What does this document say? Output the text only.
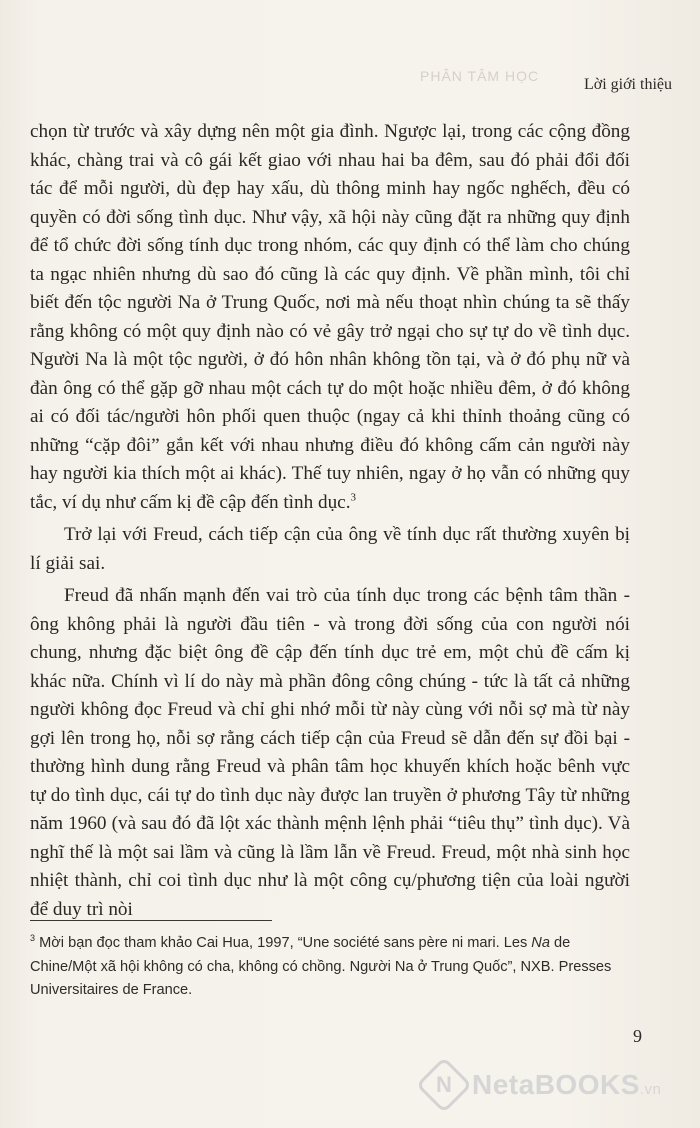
PHÂN TÂM HỌC	Lời giới thiệu

chọn từ trước và xây dựng nên một gia đình. Ngược lại, trong các cộng đồng khác, chàng trai và cô gái kết giao với nhau hai ba đêm, sau đó phải đổi đối tác để mỗi người, dù đẹp hay xấu, dù thông minh hay ngốc nghếch, đều có quyền có đời sống tình dục. Như vậy, xã hội này cũng đặt ra những quy định để tổ chức đời sống tính dục trong nhóm, các quy định có thể làm cho chúng ta ngạc nhiên nhưng dù sao đó cũng là các quy định. Về phần mình, tôi chỉ biết đến tộc người Na ở Trung Quốc, nơi mà nếu thoạt nhìn chúng ta sẽ thấy rằng không có một quy định nào có vẻ gây trở ngại cho sự tự do về tình dục. Người Na là một tộc người, ở đó hôn nhân không tồn tại, và ở đó phụ nữ và đàn ông có thể gặp gỡ nhau một cách tự do một hoặc nhiều đêm, ở đó không ai có đối tác/người hôn phối quen thuộc (ngay cả khi thỉnh thoảng cũng có những “cặp đôi” gắn kết với nhau nhưng điều đó không cấm cản người này hay người kia thích một ai khác). Thế tuy nhiên, ngay ở họ vẫn có những quy tắc, ví dụ như cấm kị đề cập đến tình dục.$^3$

Trở lại với Freud, cách tiếp cận của ông về tính dục rất thường xuyên bị lí giải sai.

Freud đã nhấn mạnh đến vai trò của tính dục trong các bệnh tâm thần - ông không phải là người đầu tiên - và trong đời sống của con người nói chung, nhưng đặc biệt ông đề cập đến tính dục trẻ em, một chủ đề cấm kị khác nữa. Chính vì lí do này mà phần đông công chúng - tức là tất cả những người không đọc Freud và chỉ ghi nhớ mỗi từ này cùng với nỗi sợ mà từ này gợi lên trong họ, nỗi sợ rằng cách tiếp cận của Freud sẽ dẫn đến sự đồi bại - thường hình dung rằng Freud và phân tâm học khuyến khích hoặc bênh vực tự do tình dục, cái tự do tình dục này được lan truyền ở phương Tây từ những năm 1960 (và sau đó đã lột xác thành mệnh lệnh phải “tiêu thụ” tình dục). Và nghĩ thế là một sai lầm và cũng là lầm lẫn về Freud. Freud, một nhà sinh học nhiệt thành, chỉ coi tình dục như là một công cụ/phương tiện của loài người để duy trì nòi

$^3$ Mời bạn đọc tham khảo Cai Hua, 1997, “Une société sans père ni mari. Les Na de Chine/Một xã hội không có cha, không có chồng. Người Na ở Trung Quốc”, NXB. Presses Universitaires de France.
9
N NetaBOOKS.vn
